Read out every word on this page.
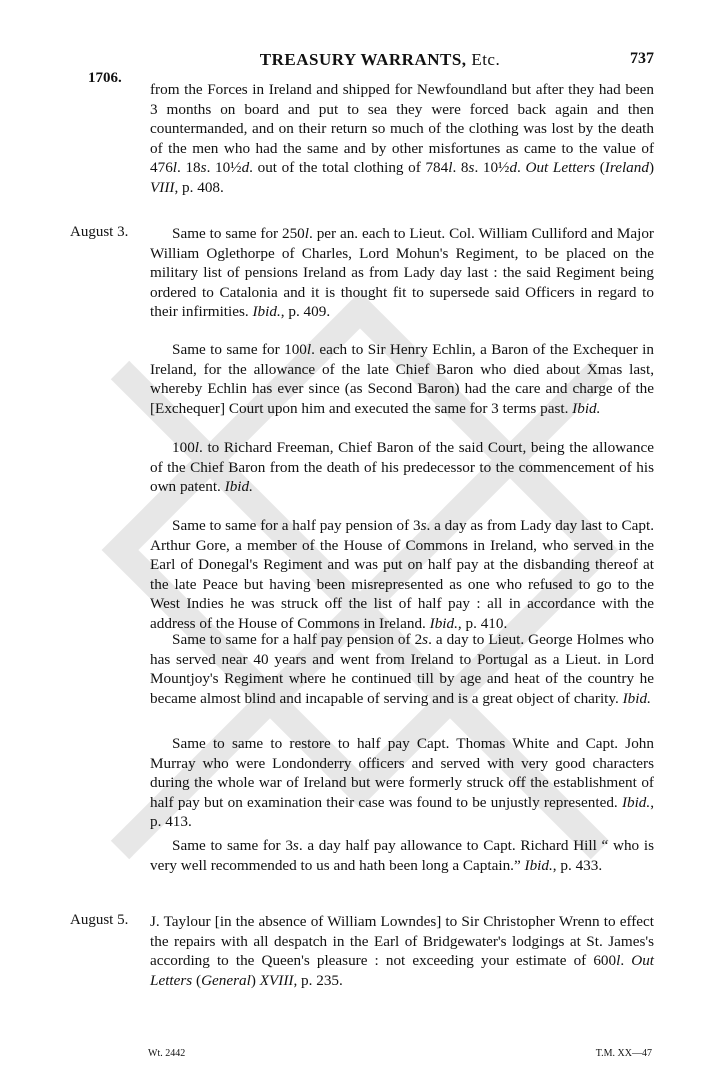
TREASURY WARRANTS, Etc.	737
1706.

from the Forces in Ireland and shipped for Newfoundland but after they had been 3 months on board and put to sea they were forced back again and then countermanded, and on their return so much of the clothing was lost by the death of the men who had the same and by other misfortunes as came to the value of 476l. 18s. 10½d. out of the total clothing of 784l. 8s. 10½d. Out Letters (Ireland) VIII, p. 408.

August 3.	Same to same for 250l. per an. each to Lieut. Col. William Culliford and Major William Oglethorpe of Charles, Lord Mohun's Regiment, to be placed on the military list of pensions Ireland as from Lady day last : the said Regiment being ordered to Catalonia and it is thought fit to supersede said Officers in regard to their infirmities. Ibid., p. 409.

Same to same for 100l. each to Sir Henry Echlin, a Baron of the Exchequer in Ireland, for the allowance of the late Chief Baron who died about Xmas last, whereby Echlin has ever since (as Second Baron) had the care and charge of the [Exchequer] Court upon him and executed the same for 3 terms past. Ibid.

100l. to Richard Freeman, Chief Baron of the said Court, being the allowance of the Chief Baron from the death of his predecessor to the commencement of his own patent. Ibid.

Same to same for a half pay pension of 3s. a day as from Lady day last to Capt. Arthur Gore, a member of the House of Commons in Ireland, who served in the Earl of Donegal's Regiment and was put on half pay at the disbanding thereof at the late Peace but having been misrepresented as one who refused to go to the West Indies he was struck off the list of half pay : all in accordance with the address of the House of Commons in Ireland. Ibid., p. 410.

Same to same for a half pay pension of 2s. a day to Lieut. George Holmes who has served near 40 years and went from Ireland to Portugal as a Lieut. in Lord Mountjoy's Regiment where he continued till by age and heat of the country he became almost blind and incapable of serving and is a great object of charity. Ibid.

Same to same to restore to half pay Capt. Thomas White and Capt. John Murray who were Londonderry officers and served with very good characters during the whole war of Ireland but were formerly struck off the establishment of half pay but on examination their case was found to be unjustly represented. Ibid., p. 413.

Same to same for 3s. a day half pay allowance to Capt. Richard Hill “ who is very well recommended to us and hath been long a Captain.” Ibid., p. 433.

August 5. J. Taylour [in the absence of William Lowndes] to Sir Christopher Wrenn to effect the repairs with all despatch in the Earl of Bridgewater's lodgings at St. James's according to the Queen's pleasure : not exceeding your estimate of 600l. Out Letters (General) XVIII, p. 235.

Wt. 2442	T.M. XX—47
